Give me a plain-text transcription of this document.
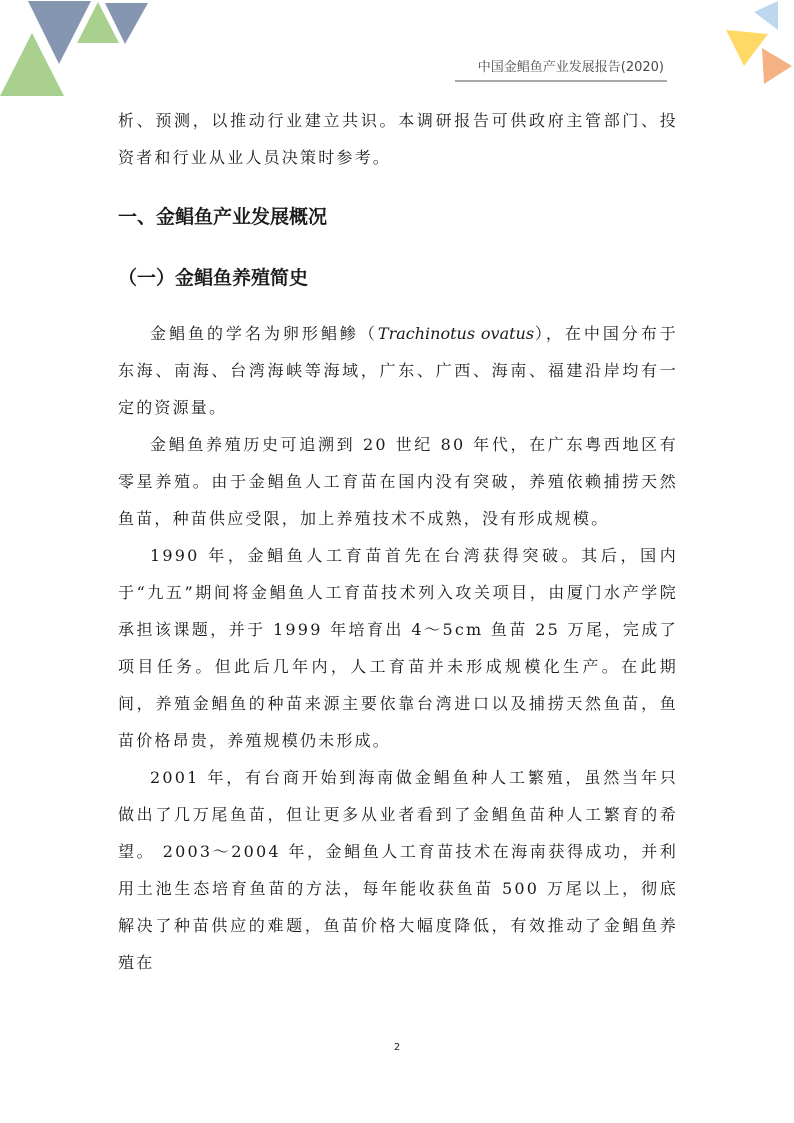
中国金鲳鱼产业发展报告(2020)

析、预测，以推动行业建立共识。本调研报告可供政府主管部门、投资者和行业从业人员决策时参考。

一、金鲳鱼产业发展概况
（一）金鲳鱼养殖简史

金鲳鱼的学名为卵形鲳鲹（Trachinotus ovatus），在中国分布于东海、南海、台湾海峡等海域，广东、广西、海南、福建沿岸均有一定的资源量。

金鲳鱼养殖历史可追溯到 20 世纪 80 年代，在广东粤西地区有零星养殖。由于金鲳鱼人工育苗在国内没有突破，养殖依赖捕捞天然鱼苗，种苗供应受限，加上养殖技术不成熟，没有形成规模。

1990 年，金鲳鱼人工育苗首先在台湾获得突破。其后，国内于“九五”期间将金鲳鱼人工育苗技术列入攻关项目，由厦门水产学院承担该课题，并于 1999 年培育出 4～5cm 鱼苗 25 万尾，完成了项目任务。但此后几年内，人工育苗并未形成规模化生产。在此期间，养殖金鲳鱼的种苗来源主要依靠台湾进口以及捕捞天然鱼苗，鱼苗价格昂贵，养殖规模仍未形成。

2001 年，有台商开始到海南做金鲳鱼种人工繁殖，虽然当年只做出了几万尾鱼苗，但让更多从业者看到了金鲳鱼苗种人工繁育的希望。 2003～2004 年，金鲳鱼人工育苗技术在海南获得成功，并利用土池生态培育鱼苗的方法，每年能收获鱼苗 500 万尾以上，彻底解决了种苗供应的难题，鱼苗价格大幅度降低，有效推动了金鲳鱼养殖在

2
